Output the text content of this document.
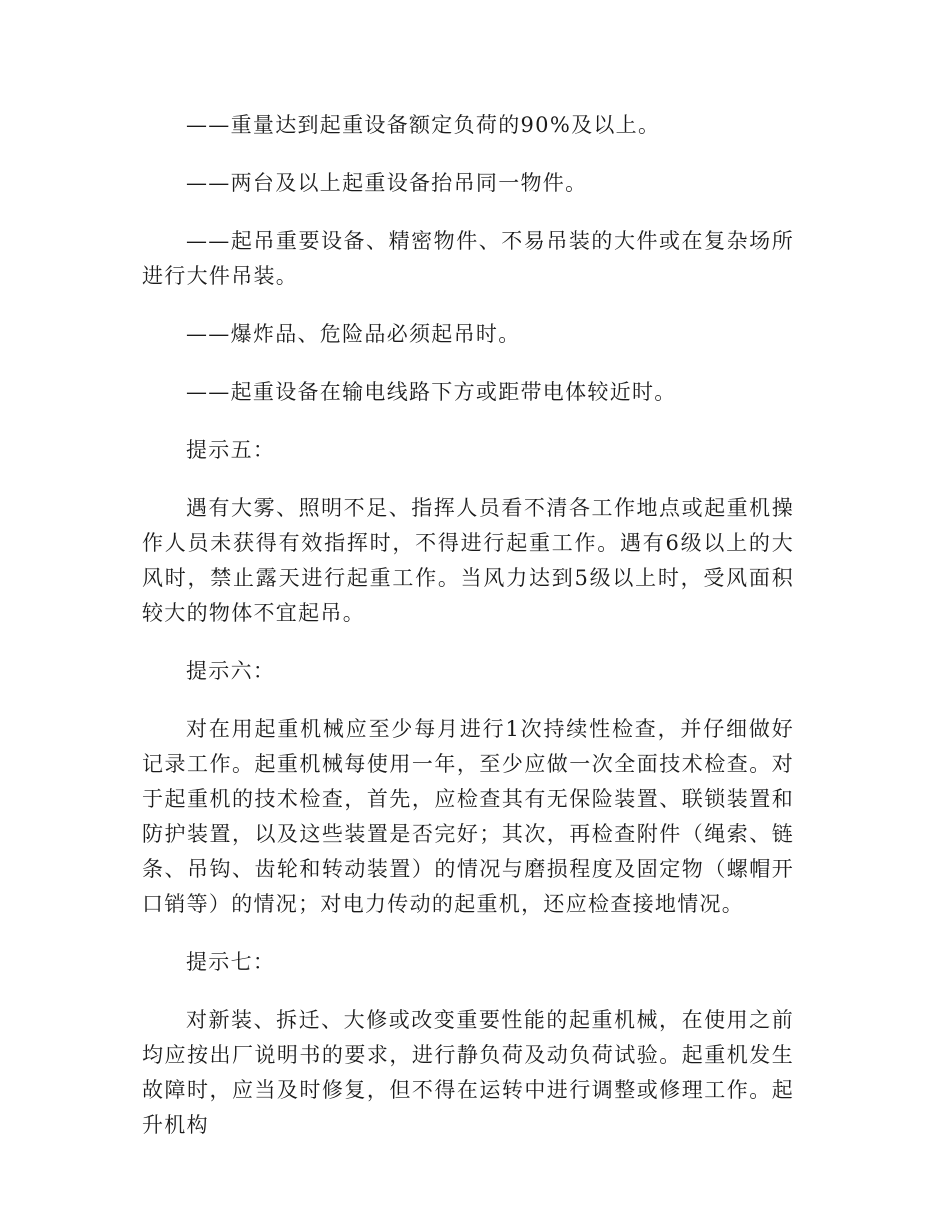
——重量达到起重设备额定负荷的90%及以上。

——两台及以上起重设备抬吊同一物件。

——起吊重要设备、精密物件、不易吊装的大件或在复杂场所进行大件吊装。

——爆炸品、危险品必须起吊时。

——起重设备在输电线路下方或距带电体较近时。

提示五：

遇有大雾、照明不足、指挥人员看不清各工作地点或起重机操作人员未获得有效指挥时，不得进行起重工作。遇有6级以上的大风时，禁止露天进行起重工作。当风力达到5级以上时，受风面积较大的物体不宜起吊。

提示六：

对在用起重机械应至少每月进行1次持续性检查，并仔细做好记录工作。起重机械每使用一年，至少应做一次全面技术检查。对于起重机的技术检查，首先，应检查其有无保险装置、联锁装置和防护装置，以及这些装置是否完好；其次，再检查附件（绳索、链条、吊钩、齿轮和转动装置）的情况与磨损程度及固定物（螺帽开口销等）的情况；对电力传动的起重机，还应检查接地情况。

提示七：

对新装、拆迁、大修或改变重要性能的起重机械，在使用之前均应按出厂说明书的要求，进行静负荷及动负荷试验。起重机发生故障时，应当及时修复，但不得在运转中进行调整或修理工作。起升机构
